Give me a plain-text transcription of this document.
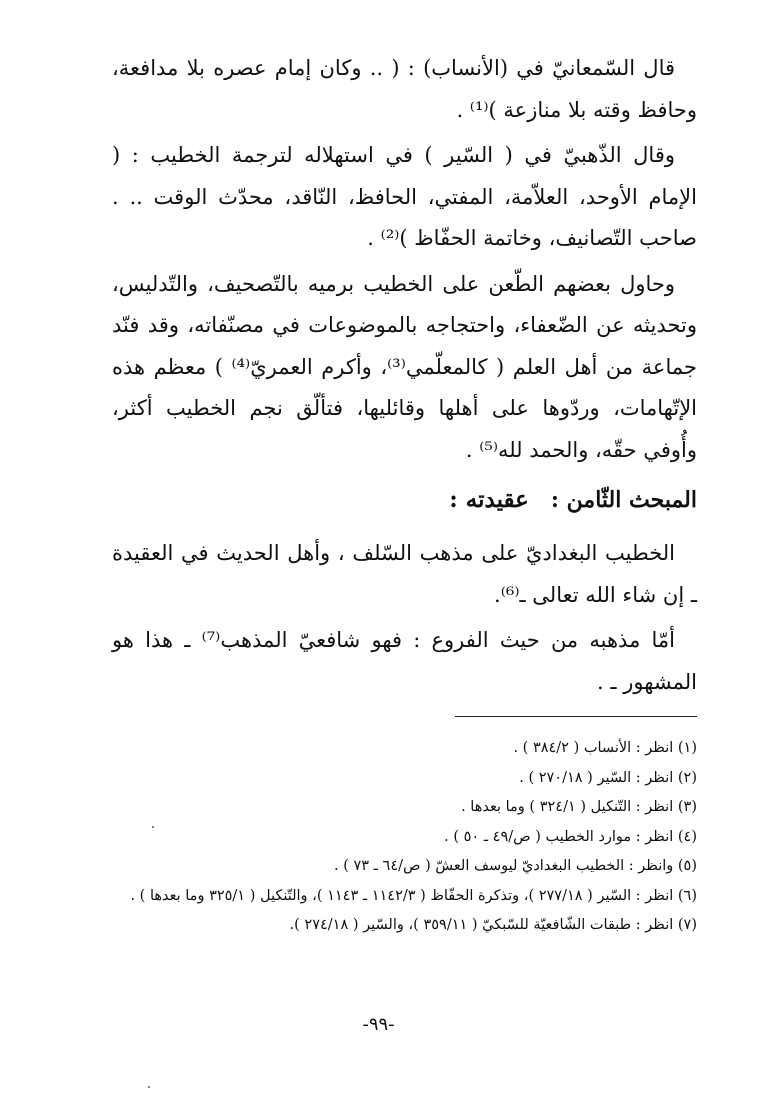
قال السّمعانيّ في (الأنساب) : ( .. وكان إمام عصره بلا مدافعة، وحافظ وقته بلا منازعة )⁽¹⁾ .

وقال الذّهبيّ في ( السّير ) في استهلاله لترجمة الخطيب : ( الإمام الأوحد، العلاّمة، المفتي، الحافظ، النّاقد، محدّث الوقت .. . صاحب التّصانيف، وخاتمة الحفّاظ )⁽²⁾ .

وحاول بعضهم الطّعن على الخطيب برميه بالتّصحيف، والتّدليس، وتحديثه عن الضّعفاء، واحتجاجه بالموضوعات في مصنّفاته، وقد فنّد جماعة من أهل العلم ( كالمعلّمي⁽³⁾، وأكرم العمريّ⁽⁴⁾ ) معظم هذه الإتّهامات، وردّوها على أهلها وقائليها، فتألّق نجم الخطيب أكثر، وأُوفي حقّه، والحمد لله⁽⁵⁾ .

المبحث الثّامن :
عقيدته :

الخطيب البغداديّ على مذهب السّلف ، وأهل الحديث في العقيدة ـ إن شاء الله تعالى ـ⁽⁶⁾.

أمّا مذهبه من حيث الفروع : فهو شافعيّ المذهب⁽⁷⁾ ـ هذا هو المشهور ـ .

(١) انظر : الأنساب ( ٣٨٤/٢ ) .

(٢) انظر : السّير ( ٢٧٠/١٨ ) .

(٣) انظر : التّنكيل ( ٣٢٤/١ ) وما بعدها .

(٤) انظر : موارد الخطيب ( ص/٤٩ ـ ٥٠ ) .

(٥) وانظر : الخطيب البغداديّ ليوسف العشّ ( ص/٦٤ ـ ٧٣ ) .

(٦) انظر : السّير ( ٢٧٧/١٨ )، وتذكرة الحفّاظ ( ١١٤٢/٣ ـ ١١٤٣ )، والتّنكيل ( ٣٢٥/١ وما بعدها ) .

(٧) انظر : طبقات الشّافعيّة للسّبكيّ ( ٣٥٩/١١ )، والسّير ( ٢٧٤/١٨ ).

-٩٩-
